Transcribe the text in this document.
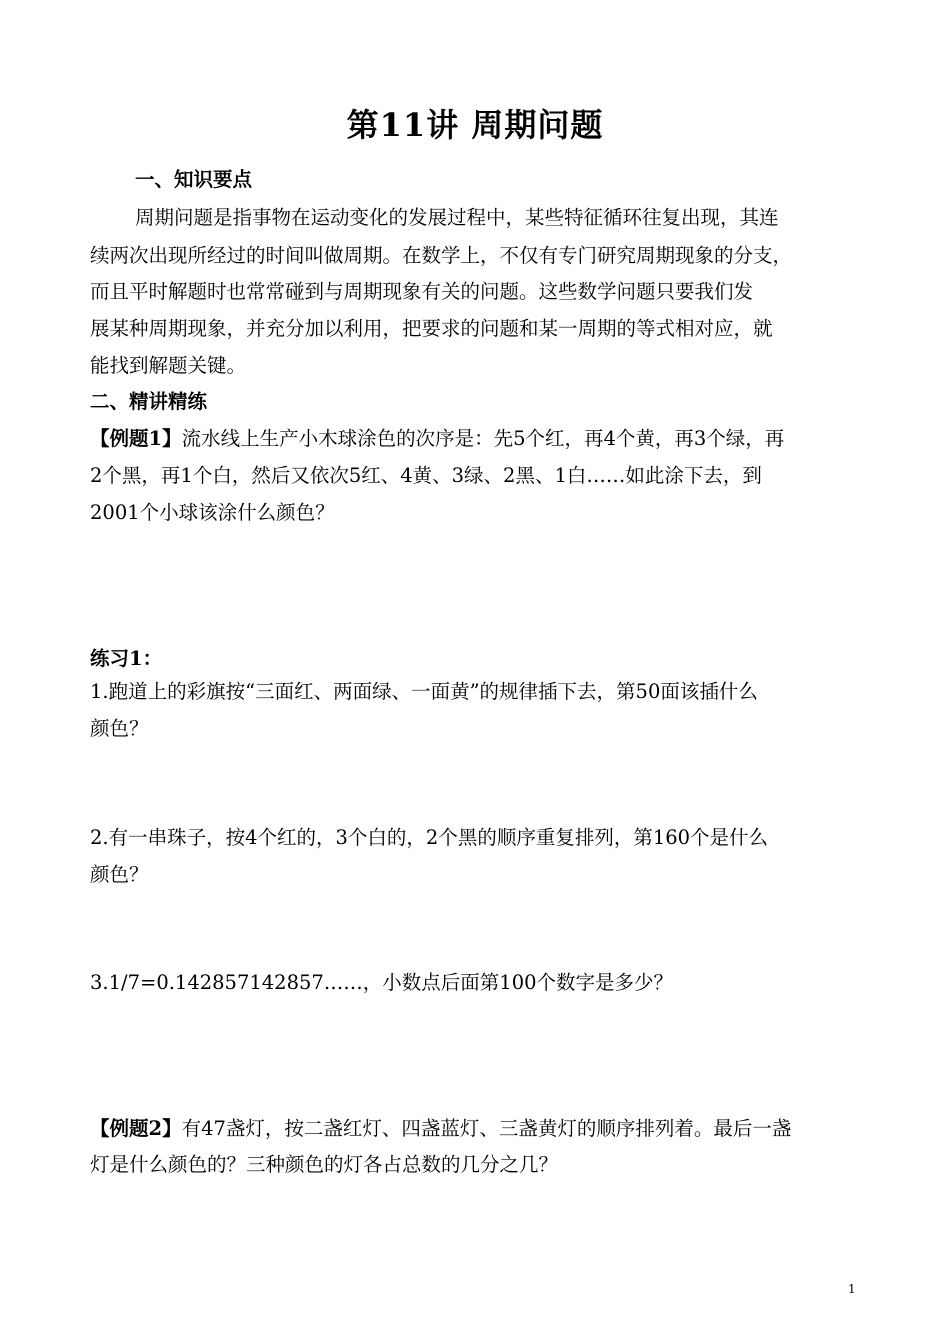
第11讲 周期问题
一、知识要点
周期问题是指事物在运动变化的发展过程中，某些特征循环往复出现，其连
续两次出现所经过的时间叫做周期。在数学上，不仅有专门研究周期现象的分支，
而且平时解题时也常常碰到与周期现象有关的问题。这些数学问题只要我们发
展某种周期现象，并充分加以利用，把要求的问题和某一周期的等式相对应，就
能找到解题关键。
二、精讲精练
【例题1】流水线上生产小木球涂色的次序是：先5个红，再4个黄，再3个绿，再
2个黑，再1个白，然后又依次5红、4黄、3绿、2黑、1白……如此涂下去，到
2001个小球该涂什么颜色？
练习1：
1.跑道上的彩旗按“三面红、两面绿、一面黄”的规律插下去，第50面该插什么
颜色？
2.有一串珠子，按4个红的，3个白的，2个黑的顺序重复排列，第160个是什么
颜色？
3.1/7=0.142857142857……，小数点后面第100个数字是多少？
【例题2】有47盏灯，按二盏红灯、四盏蓝灯、三盏黄灯的顺序排列着。最后一盏
灯是什么颜色的？三种颜色的灯各占总数的几分之几？
1
